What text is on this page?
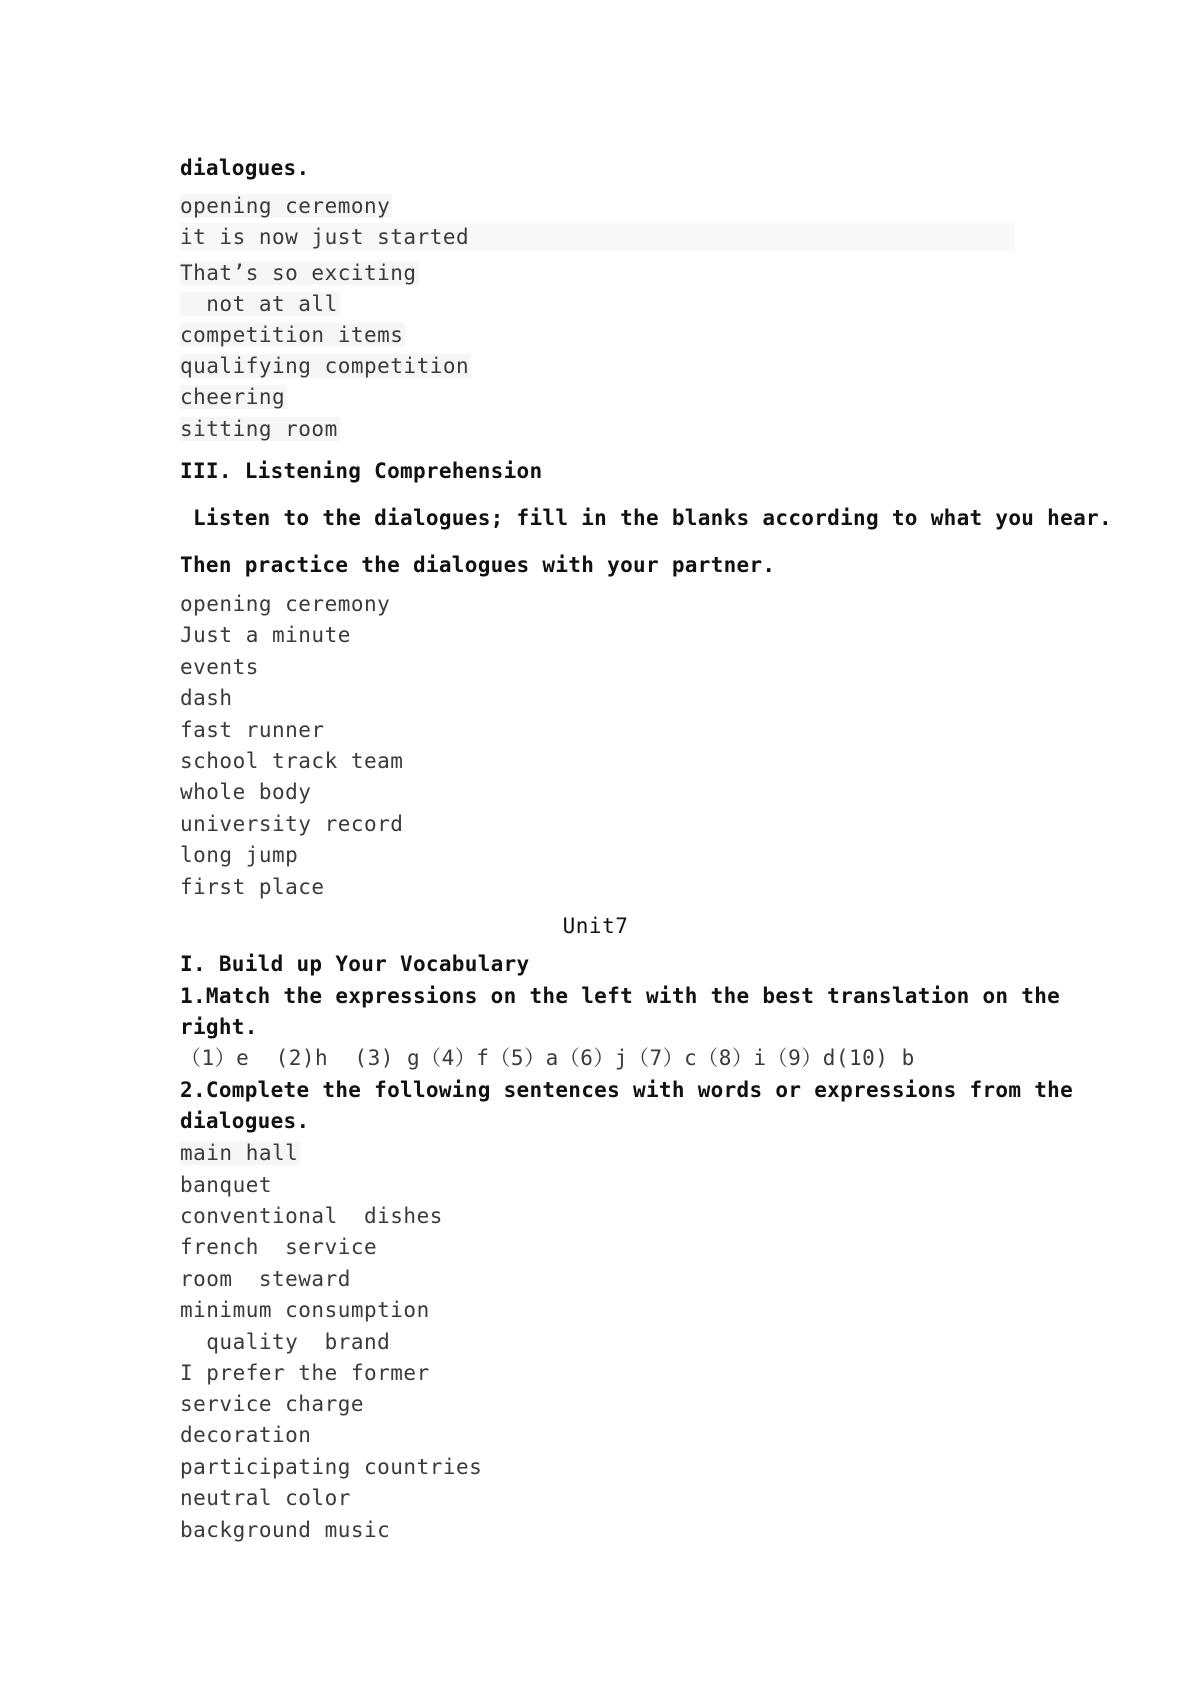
dialogues.
opening ceremony
it is now just started
That’s so exciting
not at all
competition items
qualifying competition
cheering
sitting room
III. Listening Comprehension
Listen to the dialogues; fill in the blanks according to what you hear.
Then practice the dialogues with your partner.
opening ceremony
Just a minute
events
dash
fast runner
school track team
whole body
university record
long jump
first place
Unit7
I. Build up Your Vocabulary
1.Match the expressions on the left with the best translation on the
right.
（1）e  (2)h  (3) g（4）f（5）a（6）j（7）c（8）i（9）d(10) b
2.Complete the following sentences with words or expressions from the
dialogues.
main hall
banquet
conventional  dishes
french  service
room  steward
minimum consumption
quality  brand
I prefer the former
service charge
decoration
participating countries
neutral color
background music
